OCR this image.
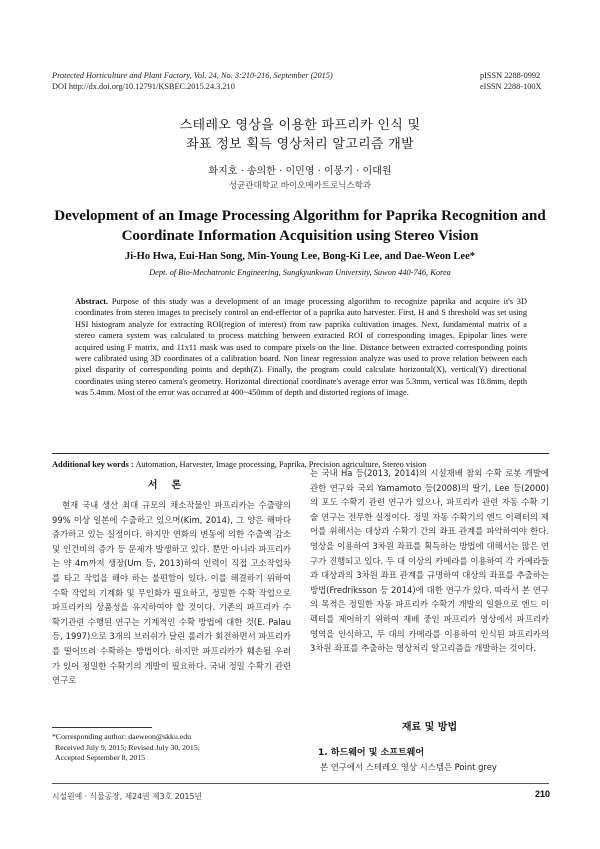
Protected Horticulture and Plant Factory, Vol. 24, No. 3:210-216, September (2015)
DOI http://dx.doi.org/10.12791/KSBEC.2015.24.3.210
pISSN 2288-0992
eISSN 2288-100X
스테레오 영상을 이용한 파프리카 인식 및
좌표 정보 획득 영상처리 알고리즘 개발
화지호 · 송의한 · 이민영 · 이봉기 · 이대원
성균관대학교 바이오메카트로닉스학과
Development of an Image Processing Algorithm for Paprika Recognition and
Coordinate Information Acquisition using Stereo Vision
Ji-Ho Hwa, Eui-Han Song, Min-Young Lee, Bong-Ki Lee, and Dae-Weon Lee*
Dept. of Bio-Mechatronic Engineering, Sungkyunkwan University, Suwon 440-746, Korea
Abstract. Purpose of this study was a development of an image processing algorithm to recognize paprika and acquire it's 3D coordinates from stereo images to precisely control an end-effector of a paprika auto harvester. First, H and S threshold was set using HSI histogram analyze for extracting ROI(region of interest) from raw paprika cultivation images. Next, fundamental matrix of a stereo camera system was calculated to process matching between extracted ROI of corresponding images. Epipolar lines were acquired using F matrix, and 11x11 mask was used to compare pixels on the line. Distance between extracted corresponding points were calibrated using 3D coordinates of a calibration board. Non linear regression analyze was used to prove relation between each pixel disparity of corresponding points and depth(Z). Finally, the program could calculate horizontal(X), vertical(Y) directional coordinates using stereo camera's geometry. Horizontal directional coordinate's average error was 5.3mm, vertical was 18.8mm, depth was 5.4mm. Most of the error was occurred at 400~450mm of depth and distorted regions of image.
Additional key words : Automation, Harvester, Image processing, Paprika, Precision agriculture, Stereo vision
서론
현재 국내 생산 최대 규모의 채소작물인 파프리카는 수출량의 99% 이상 일본에 수출하고 있으며(Kim, 2014), 그 양은 해마다 증가하고 있는 실정이다. 하지만 연화의 변동에 의한 수출액 감소 및 인건비의 증가 등 문제가 발생하고 있다. 뿐만 아니라 파프리카는 약 4m까지 생장(Um 등, 2013)하여 인력이 직접 고소작업차를 타고 작업을 해야 하는 불편함이 있다. 이를 해결하기 위하여 수확 작업의 기계화 및 무인화가 필요하고, 정밀한 수확 작업으로 파프리카의 상품성을 유지하여야 할 것이다. 기존의 파프리카 수확기관련 수행된 연구는 기계적인 수확 방법에 대한 것(E. Palau 등, 1997)으로 3개의 브러쉬가 달린 롤러가 회전하면서 파프리카를 떨어뜨려 수확하는 방법이다. 하지만 파프리카가 훼손될 우려가 있어 정밀한 수확기의 개발이 필요하다. 국내 정밀 수확기 관련 연구로
는 국내 Ha 등(2013, 2014)의 시설재배 참외 수확 로봇 개발에 관한 연구와 국외 Yamamoto 등(2008)의 딸기, Lee 등(2000)의 포도 수확기 관련 연구가 있으나, 파프리카 관련 자동 수확 기술 연구는 전무한 실정이다. 정밀 자동 수확기의 엔드 이펙터의 제어를 위해서는 대상과 수확기 간의 좌표 관계를 파악하여야 한다. 영상을 이용하여 3차원 좌표를 획득하는 방법에 대해서는 많은 연구가 진행되고 있다. 두 대 이상의 카메라를 이용하여 각 카메라들과 대상과의 3차원 좌표 관계를 규명하여 대상의 좌표를 추출하는 방법(Fredriksson 등 2014)에 대한 연구가 있다. 따라서 본 연구의 목적은 정밀한 자동 파프리카 수확기 개발의 일환으로 엔드 이펙터를 제어하기 위하여 재배 중인 파프리카 영상에서 파프리카 영역을 인식하고, 두 대의 카메라를 이용하여 인식된 파프리카의 3차원 좌표를 추출하는 영상처리 알고리즘을 개발하는 것이다.
재료 및 방법
1. 하드웨어 및 소프트웨어
본 연구에서 스테레오 영상 시스템은 Point grey
*Corresponding author: daeweon@skku.edu
Received July 9, 2015; Revised July 30, 2015;
Accepted September 8, 2015
시설원예 · 식물공장, 제24권 제3호 2015년	210
